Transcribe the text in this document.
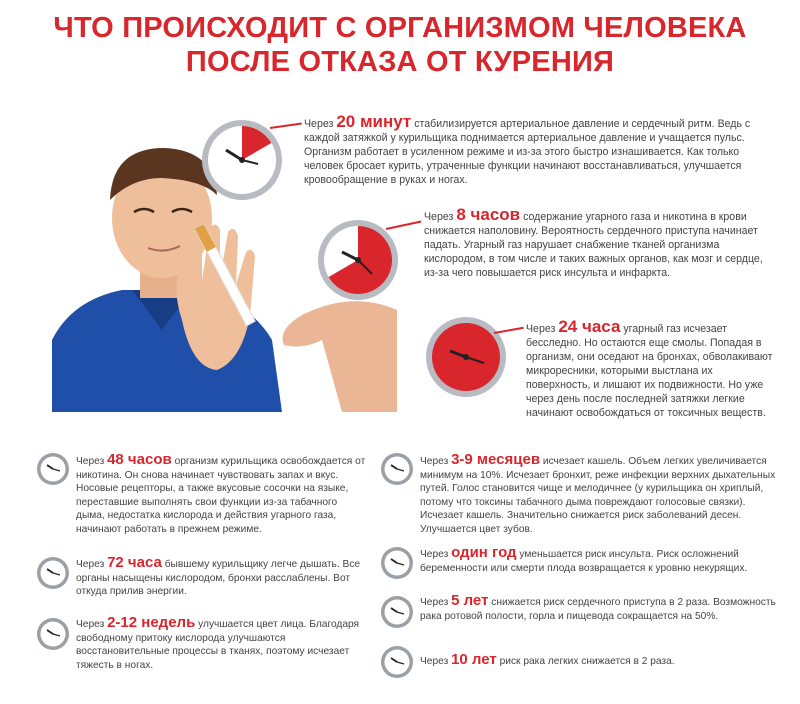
ЧТО ПРОИСХОДИТ С ОРГАНИЗМОМ ЧЕЛОВЕКА
ПОСЛЕ ОТКАЗА ОТ КУРЕНИЯ
Через 20 минут стабилизируется артериальное давление и сердечный ритм. Ведь с каждой затяжкой у курильщика поднимается артериальное давление и учащается пульс. Организм работает в усиленном режиме и из-за этого быстро изнашивается. Как только человек бросает курить, утраченные функции начинают восстанавливаться, улучшается кровообращение в руках и ногах.
Через 8 часов содержание угарного газа и никотина в крови снижается наполовину. Вероятность сердечного приступа начинает падать. Угарный газ нарушает снабжение тканей организма кислородом, в том числе и таких важных органов, как мозг и сердце, из-за чего повышается риск инсульта и инфаркта.
Через 24 часа угарный газ исчезает бесследно. Но остаются еще смолы. Попадая в организм, они оседают на бронхах, обволакивают микроресники, которыми выстлана их поверхность, и лишают их подвижности. Но уже через день после последней затяжки легкие начинают освобождаться от токсичных веществ.
Через 48 часов организм курильщика освобождается от никотина. Он снова начинает чувствовать запах и вкус. Носовые рецепторы, а также вкусовые сосочки на языке, переставшие выполнять свои функции из-за табачного дыма, недостатка кислорода и действия угарного газа, начинают работать в прежнем режиме.
Через 72 часа бывшему курильщику легче дышать. Все органы насыщены кислородом, бронхи расслаблены. Вот откуда прилив энергии.
Через 2-12 недель улучшается цвет лица. Благодаря свободному притоку кислорода улучшаются восстановительные процессы в тканях, поэтому исчезает тяжесть в ногах.
Через 3-9 месяцев исчезает кашель. Объем легких увеличивается минимум на 10%. Исчезает бронхит, реже инфекции верхних дыхательных путей. Голос становится чище и мелодичнее (у курильщика он хриплый, потому что токсины табачного дыма повреждают голосовые связки). Исчезает кашель. Значительно снижается риск заболеваний десен. Улучшается цвет зубов.
Через один год уменьшается риск инсульта. Риск осложнений беременности или смерти плода возвращается к уровню некурящих.
Через 5 лет снижается риск сердечного приступа в 2 раза. Возможность рака ротовой полости, горла и пищевода сокращается на 50%.
Через 10 лет риск рака легких снижается в 2 раза.
